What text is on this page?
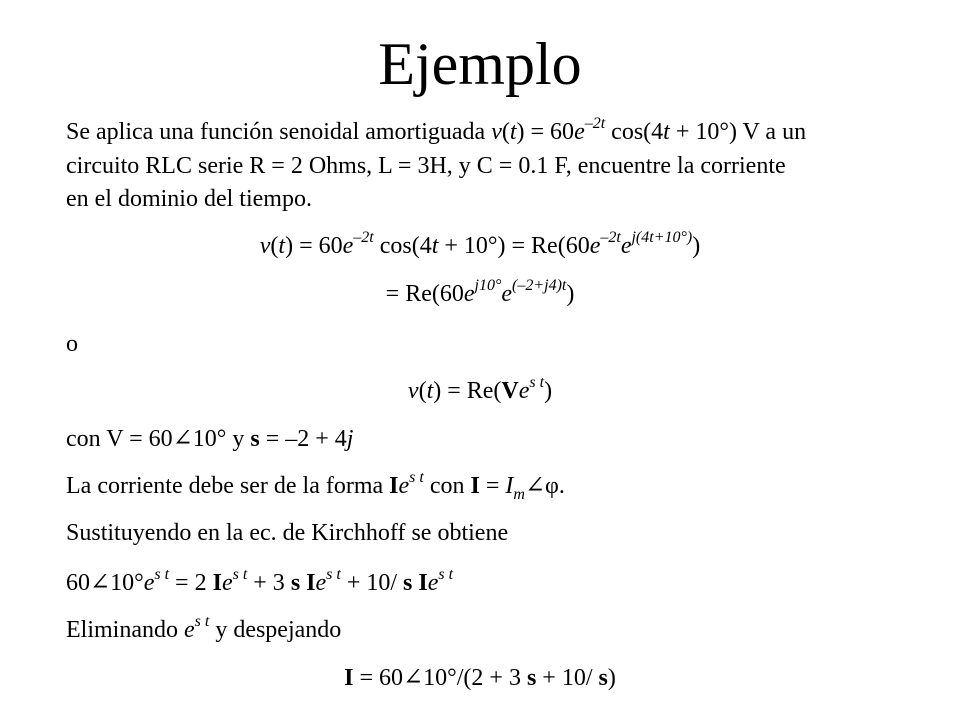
Ejemplo
Se aplica una función senoidal amortiguada $v(t) = 60e^{-2t}$ cos(4t + 10°) V a un
circuito RLC serie R = 2 Ohms, L = 3H, y C = 0.1 F, encuentre la corriente
en el dominio del tiempo.
$v(t) = 60e^{-2t}$ $\cos(4t + 10^\circ) = Re(60e^{-2t}e^{j(4t+10^\circ)})$
= $Re(60e^{j10^\circ}e^{(-2+j4)t})$
o
$v(t) = Re(Ve^{s t})$
con V = 60∠10° y s = –2 + 4j
La corriente debe ser de la forma $Ie^{s t}$ con $I = I_m\angle\varphi$.
Sustituyendo en la ec. de Kirchhoff se obtiene
$60\angle 10^\circ e^{s t} = 2$ $Ie^{s t} + 3$ s $Ie^{s t} + 10/$ s $Ie^{s t}$
Eliminando $e^{s t}$ y despejando
I = 60∠10°/(2 + 3 s + 10/ s)
